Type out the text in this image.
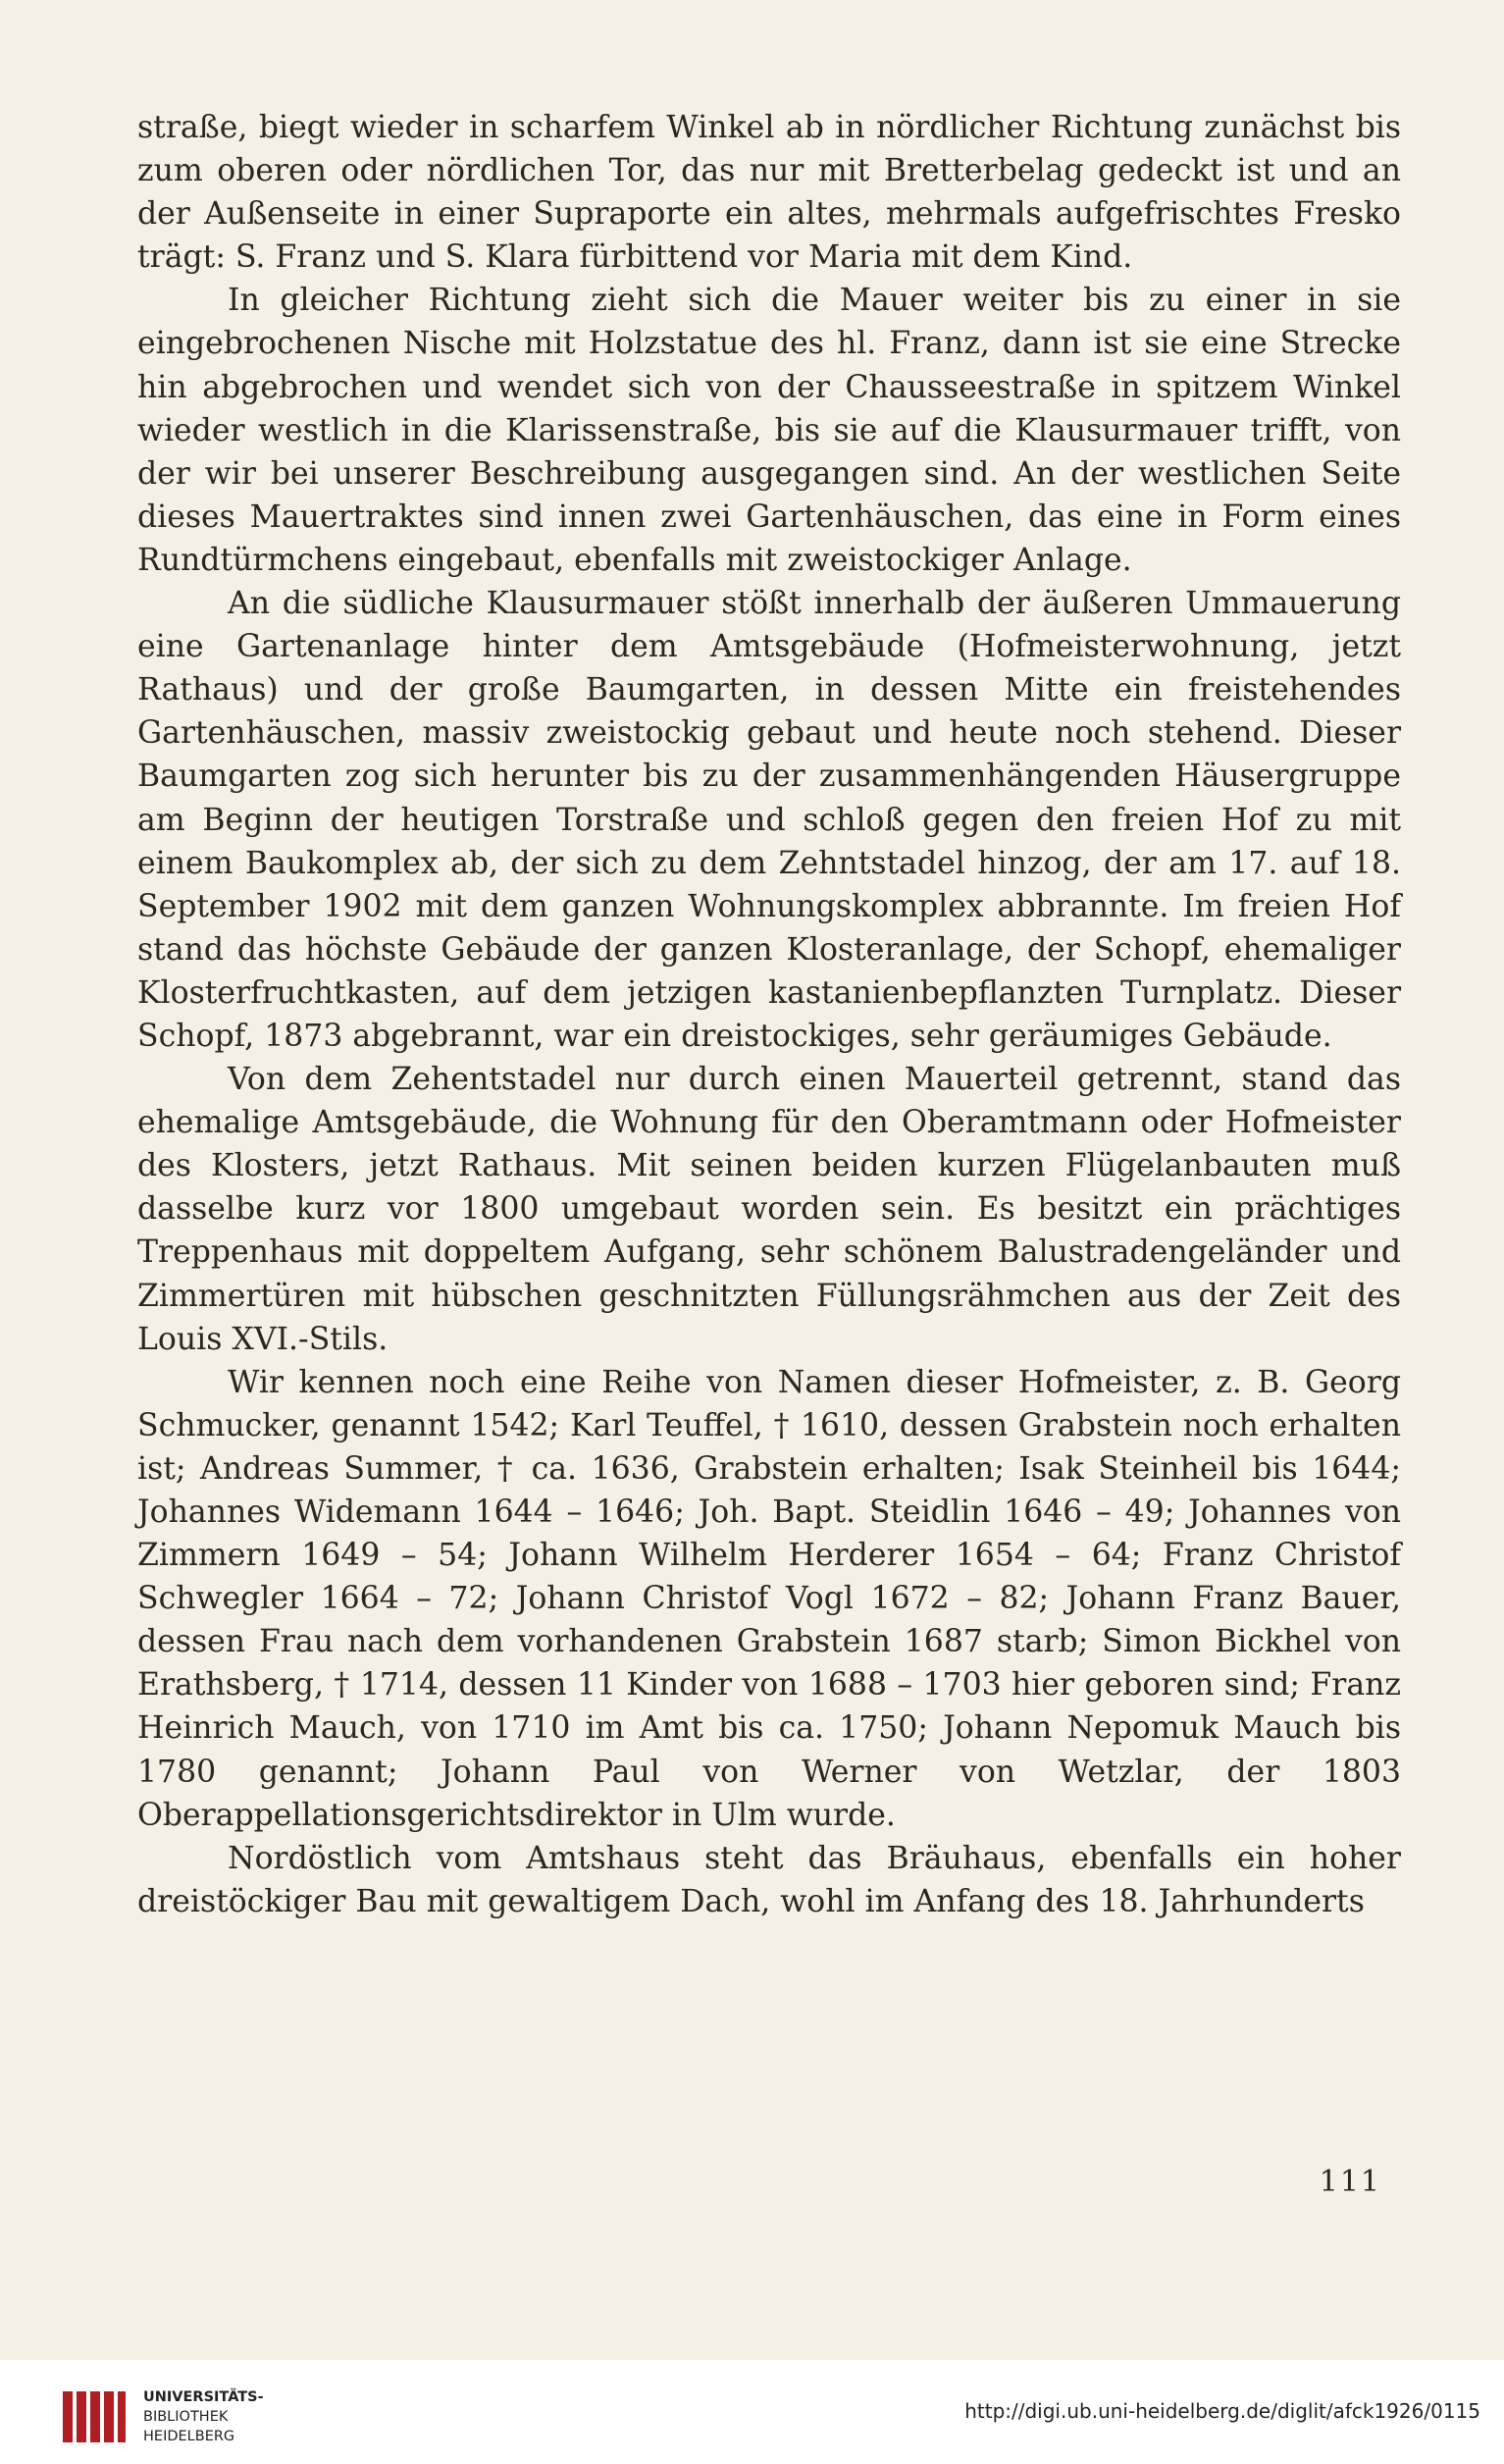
straße, biegt wieder in scharfem Winkel ab in nördlicher Richtung zunächst bis zum oberen oder nördlichen Tor, das nur mit Bretterbelag gedeckt ist und an der Außenseite in einer Supraporte ein altes, mehrmals aufgefrischtes Fresko trägt: S. Franz und S. Klara fürbittend vor Maria mit dem Kind.

In gleicher Richtung zieht sich die Mauer weiter bis zu einer in sie eingebrochenen Nische mit Holzstatue des hl. Franz, dann ist sie eine Strecke hin abgebrochen und wendet sich von der Chausseestraße in spitzem Winkel wieder westlich in die Klarissenstraße, bis sie auf die Klausurmauer trifft, von der wir bei unserer Beschreibung ausgegangen sind. An der westlichen Seite dieses Mauertraktes sind innen zwei Gartenhäuschen, das eine in Form eines Rundtürmchens eingebaut, ebenfalls mit zweistockiger Anlage.

An die südliche Klausurmauer stößt innerhalb der äußeren Ummauerung eine Gartenanlage hinter dem Amtsgebäude (Hofmeisterwohnung, jetzt Rathaus) und der große Baumgarten, in dessen Mitte ein freistehendes Gartenhäuschen, massiv zweistockig gebaut und heute noch stehend. Dieser Baumgarten zog sich herunter bis zu der zusammenhängenden Häusergruppe am Beginn der heutigen Torstraße und schloß gegen den freien Hof zu mit einem Baukomplex ab, der sich zu dem Zehntstadel hinzog, der am 17. auf 18. September 1902 mit dem ganzen Wohnungskomplex abbrannte. Im freien Hof stand das höchste Gebäude der ganzen Klosteranlage, der Schopf, ehemaliger Klosterfruchtkasten, auf dem jetzigen kastanienbepflanzten Turnplatz. Dieser Schopf, 1873 abgebrannt, war ein dreistockiges, sehr geräumiges Gebäude.

Von dem Zehentstadel nur durch einen Mauerteil getrennt, stand das ehemalige Amtsgebäude, die Wohnung für den Oberamtmann oder Hofmeister des Klosters, jetzt Rathaus. Mit seinen beiden kurzen Flügelanbauten muß dasselbe kurz vor 1800 umgebaut worden sein. Es besitzt ein prächtiges Treppenhaus mit doppeltem Aufgang, sehr schönem Balustradengeländer und Zimmertüren mit hübschen geschnitzten Füllungsrähmchen aus der Zeit des Louis XVI.-Stils.

Wir kennen noch eine Reihe von Namen dieser Hofmeister, z. B. Georg Schmucker, genannt 1542; Karl Teuffel, † 1610, dessen Grabstein noch erhalten ist; Andreas Summer, † ca. 1636, Grabstein erhalten; Isak Steinheil bis 1644; Johannes Widemann 1644 – 1646; Joh. Bapt. Steidlin 1646 – 49; Johannes von Zimmern 1649 – 54; Johann Wilhelm Herderer 1654 – 64; Franz Christof Schwegler 1664 – 72; Johann Christof Vogl 1672 – 82; Johann Franz Bauer, dessen Frau nach dem vorhandenen Grabstein 1687 starb; Simon Bickhel von Erathsberg, † 1714, dessen 11 Kinder von 1688 – 1703 hier geboren sind; Franz Heinrich Mauch, von 1710 im Amt bis ca. 1750; Johann Nepomuk Mauch bis 1780 genannt; Johann Paul von Werner von Wetzlar, der 1803 Oberappellationsgerichtsdirektor in Ulm wurde.

Nordöstlich vom Amtshaus steht das Bräuhaus, ebenfalls ein hoher dreistöckiger Bau mit gewaltigem Dach, wohl im Anfang des 18. Jahrhunderts

111
UNIVERSITÄTS-
BIBLIOTHEK
HEIDELBERG
http://digi.ub.uni-heidelberg.de/diglit/afck1926/0115
